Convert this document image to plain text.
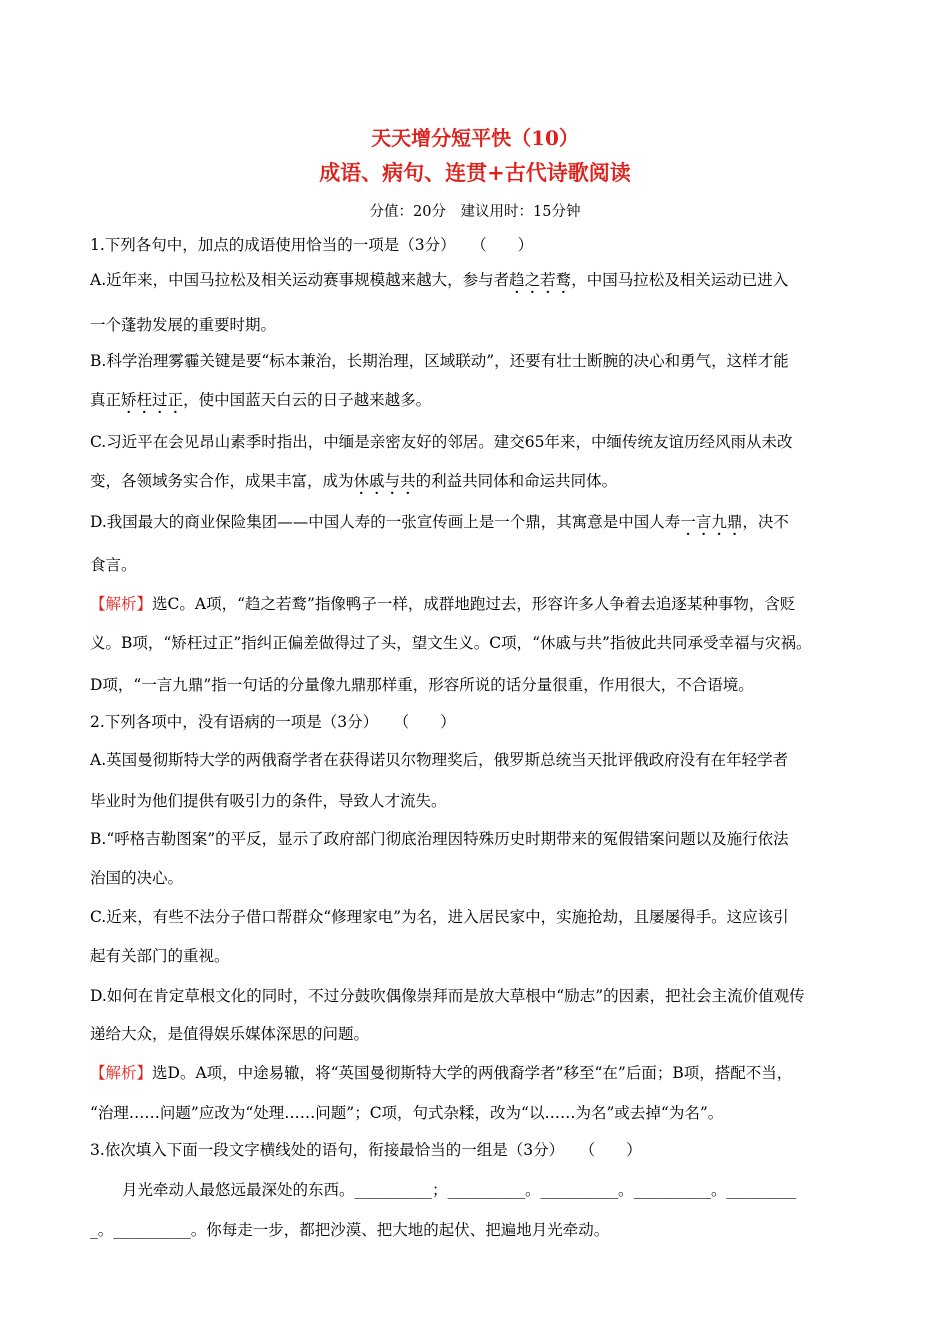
天天增分短平快（10）
成语、病句、连贯+古代诗歌阅读
分值：20分　建议用时：15分钟
1.下列各句中，加点的成语使用恰当的一项是（3分）　　（　　）
A.近年来，中国马拉松及相关运动赛事规模越来越大，参与者趋之若鹜，中国马拉松及相关运动已进入
一个蓬勃发展的重要时期。
B.科学治理雾霾关键是要“标本兼治，长期治理，区域联动”，还要有壮士断腕的决心和勇气，这样才能
真正矫枉过正，使中国蓝天白云的日子越来越多。
C.习近平在会见昂山素季时指出，中缅是亲密友好的邻居。建交65年来，中缅传统友谊历经风雨从未改
变，各领域务实合作，成果丰富，成为休戚与共的利益共同体和命运共同体。
D.我国最大的商业保险集团——中国人寿的一张宣传画上是一个鼎，其寓意是中国人寿一言九鼎，决不
食言。
【解析】选C。A项，“趋之若鹜”指像鸭子一样，成群地跑过去，形容许多人争着去追逐某种事物，含贬
义。B项，“矫枉过正”指纠正偏差做得过了头，望文生义。C项，“休戚与共”指彼此共同承受幸福与灾祸。
D项，“一言九鼎”指一句话的分量像九鼎那样重，形容所说的话分量很重，作用很大，不合语境。
2.下列各项中，没有语病的一项是（3分）　　（　　）
A.英国曼彻斯特大学的两俄裔学者在获得诺贝尔物理奖后，俄罗斯总统当天批评俄政府没有在年轻学者
毕业时为他们提供有吸引力的条件，导致人才流失。
B.“呼格吉勒图案”的平反，显示了政府部门彻底治理因特殊历史时期带来的冤假错案问题以及施行依法
治国的决心。
C.近来，有些不法分子借口帮群众“修理家电”为名，进入居民家中，实施抢劫，且屡屡得手。这应该引
起有关部门的重视。
D.如何在肯定草根文化的同时，不过分鼓吹偶像崇拜而是放大草根中“励志”的因素，把社会主流价值观传
递给大众，是值得娱乐媒体深思的问题。
【解析】选D。A项，中途易辙，将“英国曼彻斯特大学的两俄裔学者”移至“在”后面；B项，搭配不当，
“治理……问题”应改为“处理……问题”；C项，句式杂糅，改为“以……为名”或去掉“为名”。
3.依次填入下面一段文字横线处的语句，衔接最恰当的一组是（3分）　　（　　）
月光牵动人最悠远最深处的东西。__________；__________。__________。__________。_________
_。__________。你每走一步，都把沙漠、把大地的起伏、把遍地月光牵动。
